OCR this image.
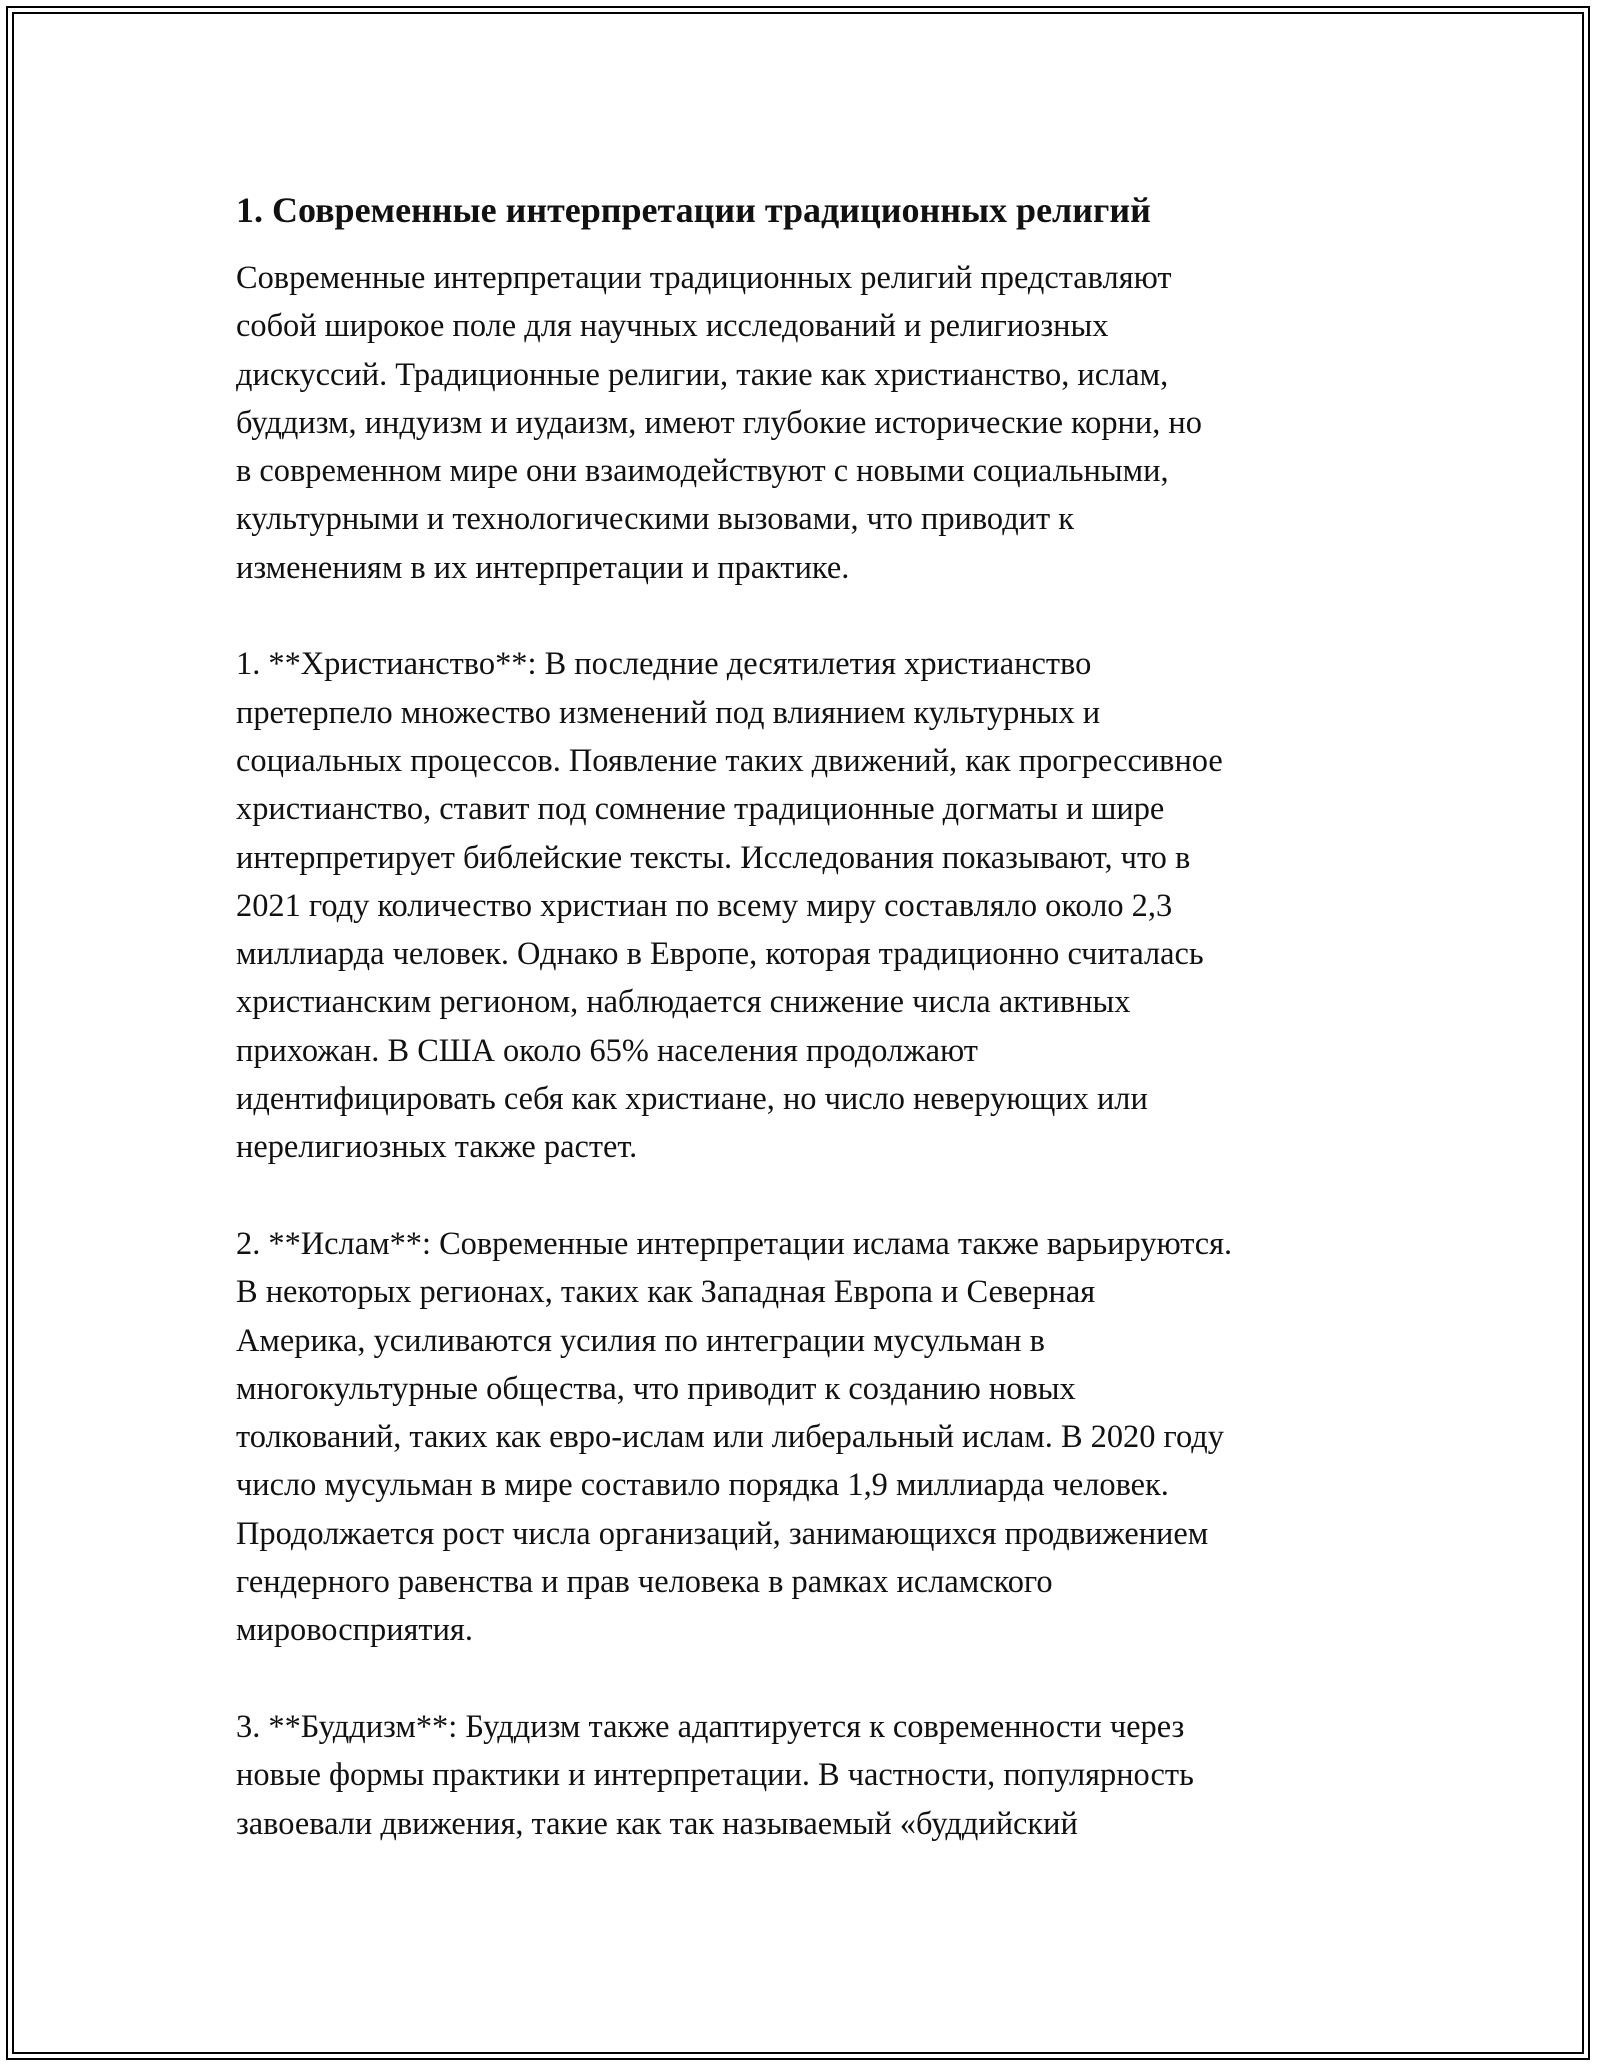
1. Современные интерпретации традиционных религий

Современные интерпретации традиционных религий представляют
собой широкое поле для научных исследований и религиозных
дискуссий. Традиционные религии, такие как христианство, ислам,
буддизм, индуизм и иудаизм, имеют глубокие исторические корни, но
в современном мире они взаимодействуют с новыми социальными,
культурными и технологическими вызовами, что приводит к
изменениям в их интерпретации и практике.

1. **Христианство**: В последние десятилетия христианство
претерпело множество изменений под влиянием культурных и
социальных процессов. Появление таких движений, как прогрессивное
христианство, ставит под сомнение традиционные догматы и шире
интерпретирует библейские тексты. Исследования показывают, что в
2021 году количество христиан по всему миру составляло около 2,3
миллиарда человек. Однако в Европе, которая традиционно считалась
христианским регионом, наблюдается снижение числа активных
прихожан. В США около 65% населения продолжают
идентифицировать себя как христиане, но число неверующих или
нерелигиозных также растет.

2. **Ислам**: Современные интерпретации ислама также варьируются.
В некоторых регионах, таких как Западная Европа и Северная
Америка, усиливаются усилия по интеграции мусульман в
многокультурные общества, что приводит к созданию новых
толкований, таких как евро-ислам или либеральный ислам. В 2020 году
число мусульман в мире составило порядка 1,9 миллиарда человек.
Продолжается рост числа организаций, занимающихся продвижением
гендерного равенства и прав человека в рамках исламского
мировосприятия.

3. **Буддизм**: Буддизм также адаптируется к современности через
новые формы практики и интерпретации. В частности, популярность
завоевали движения, такие как так называемый «буддийский
